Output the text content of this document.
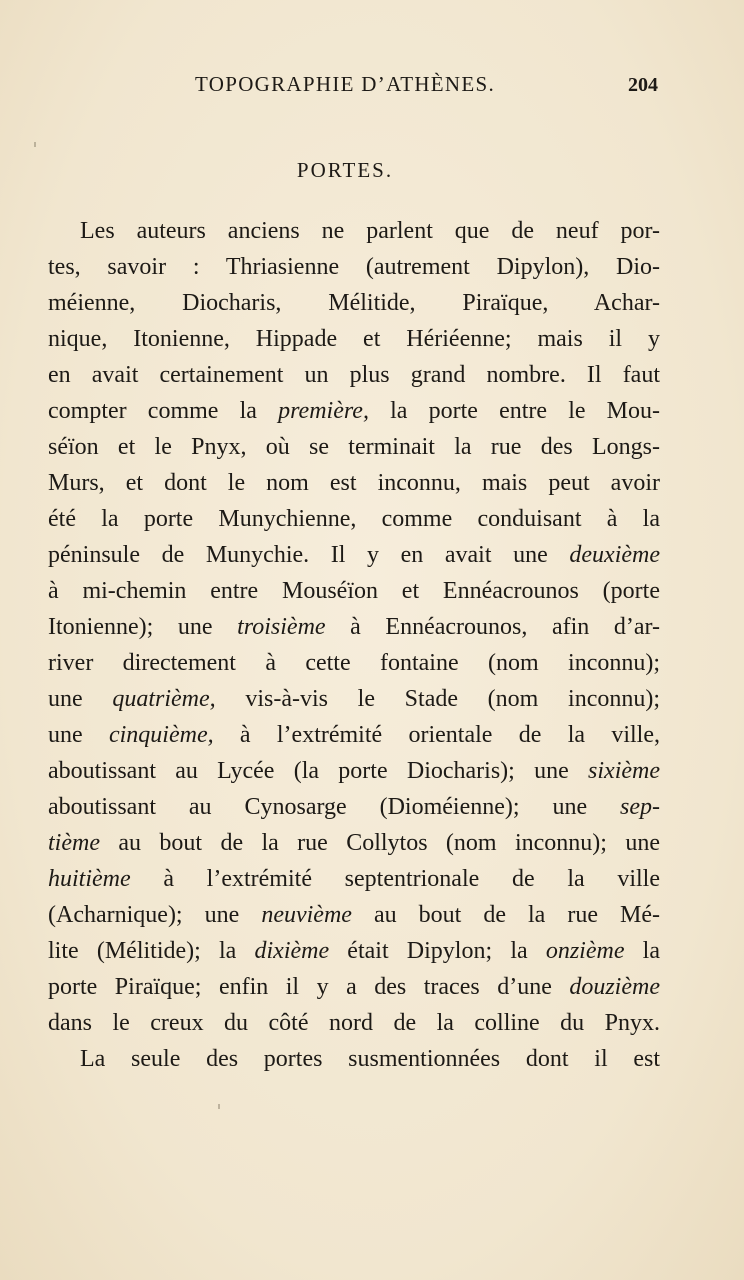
TOPOGRAPHIE D’ATHÈNES.	204
PORTES.
Les auteurs anciens ne parlent que de neuf por-
tes, savoir : Thriasienne (autrement Dipylon), Dio-
méienne, Diocharis, Mélitide, Piraïque, Achar-
nique, Itonienne, Hippade et Hériéenne; mais il y
en avait certainement un plus grand nombre. Il faut
compter comme la première, la porte entre le Mou-
séïon et le Pnyx, où se terminait la rue des Longs-
Murs, et dont le nom est inconnu, mais peut avoir
été la porte Munychienne, comme conduisant à la
péninsule de Munychie. Il y en avait une deuxième
à mi-chemin entre Mouséïon et Ennéacrounos (porte
Itonienne); une troisième à Ennéacrounos, afin d’ar-
river directement à cette fontaine (nom inconnu);
une quatrième, vis-à-vis le Stade (nom inconnu);
une cinquième, à l’extrémité orientale de la ville,
aboutissant au Lycée (la porte Diocharis); une sixième
aboutissant au Cynosarge (Dioméienne); une sep-
tième au bout de la rue Collytos (nom inconnu); une
huitième à l’extrémité septentrionale de la ville
(Acharnique); une neuvième au bout de la rue Mé-
lite (Mélitide); la dixième était Dipylon; la onzième la
porte Piraïque; enfin il y a des traces d’une douzième
dans le creux du côté nord de la colline du Pnyx.
La seule des portes susmentionnées dont il est
